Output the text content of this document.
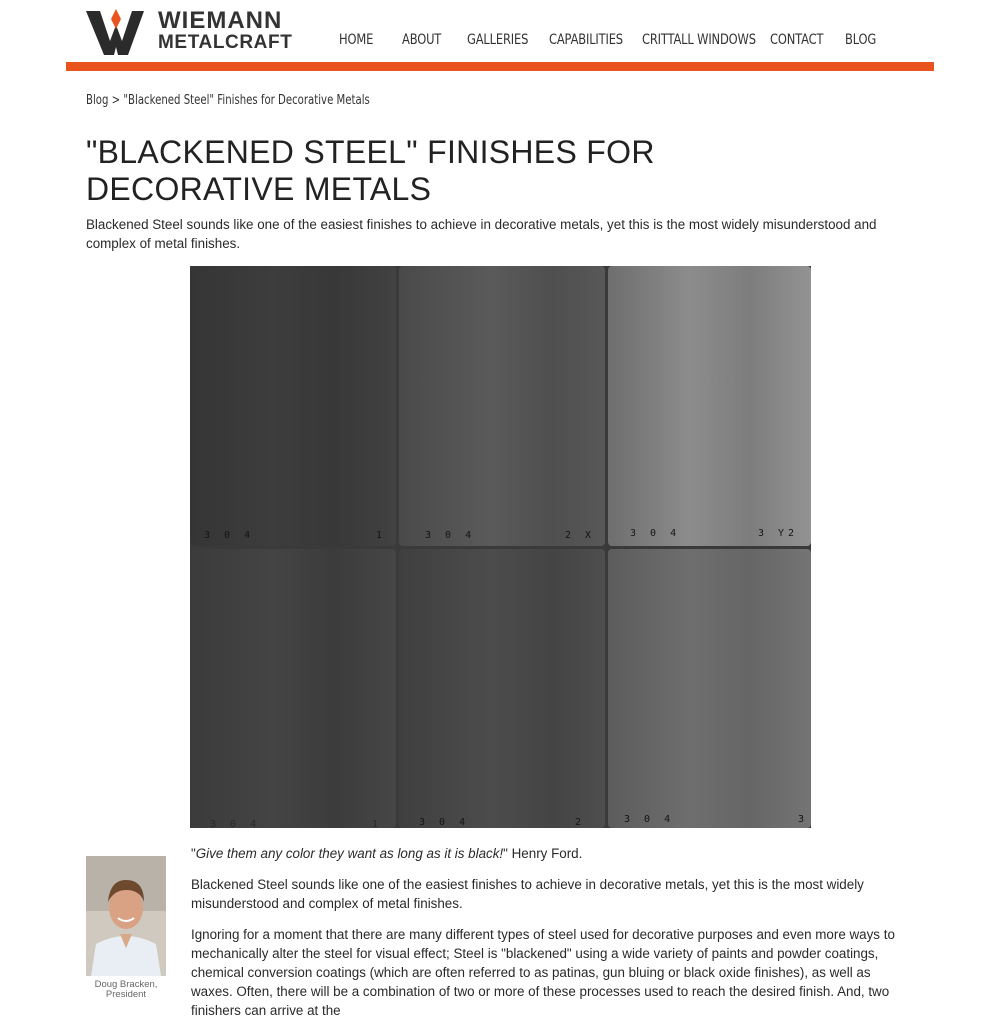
WIEMANN
METALCRAFT	HOME ABOUT GALLERIES CAPABILITIES CRITTALL WINDOWS CONTACT BLOG
Blog > "Blackened Steel" Finishes for Decorative Metals
"BLACKENED STEEL" FINISHES FOR DECORATIVE METALS

Blackened Steel sounds like one of the easiest finishes to achieve in decorative metals, yet this is the most widely misunderstood and complex of metal finishes.

3 0 4	1	3 0 4	2 X	3 0 4	3 Y2
3 0 4	1	3 0 4	2	3 0 4	3
Doug Bracken,
President

"Give them any color they want as long as it is black!" Henry Ford.

Blackened Steel sounds like one of the easiest finishes to achieve in decorative metals, yet this is the most widely misunderstood and complex of metal finishes.

Ignoring for a moment that there are many different types of steel used for decorative purposes and even more ways to mechanically alter the steel for visual effect; Steel is "blackened" using a wide variety of paints and powder coatings, chemical conversion coatings (which are often referred to as patinas, gun bluing or black oxide finishes), as well as waxes. Often, there will be a combination of two or more of these processes used to reach the desired finish. And, two finishers can arrive at the
